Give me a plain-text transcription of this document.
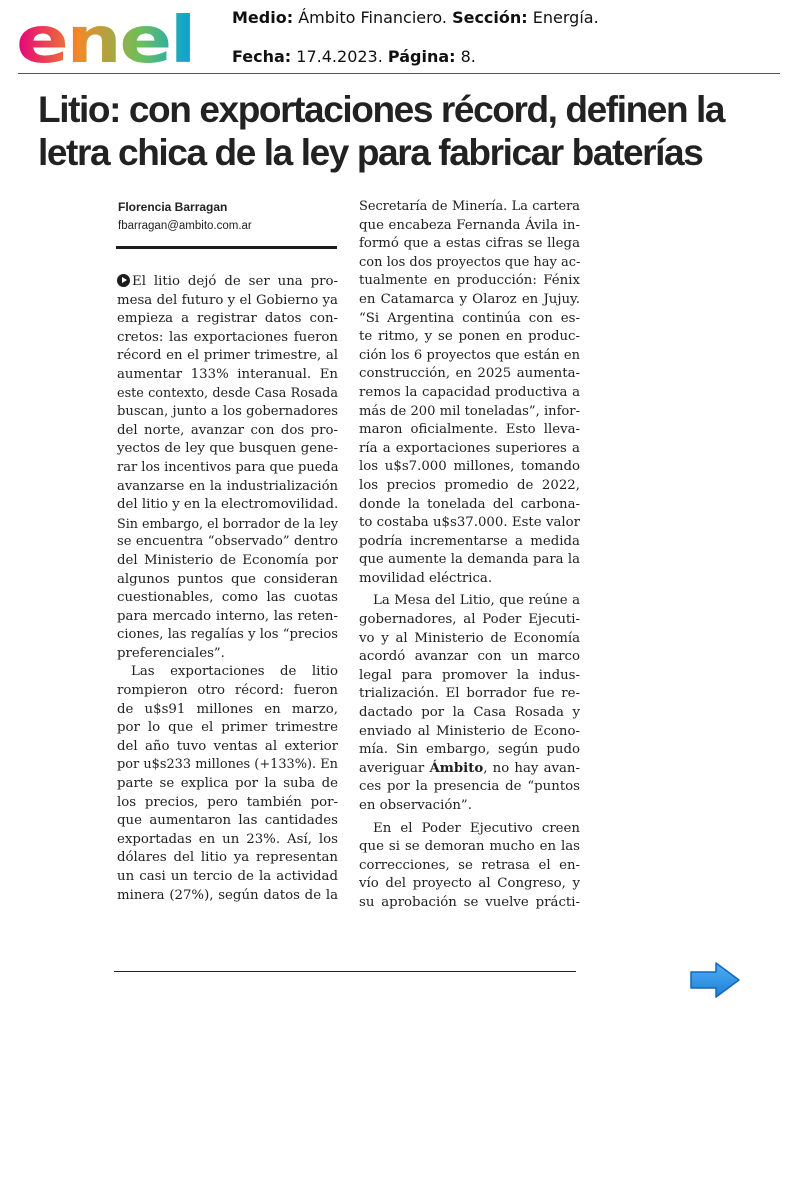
enel Medio: Ámbito Financiero. Sección: Energía.
Fecha: 17.4.2023. Página: 8.
Litio: con exportaciones récord, definen la
letra chica de la ley para fabricar baterías
Florencia Barragan
fbarragan@ambito.com.ar

El litio dejó de ser una pro-

mesa del futuro y el Gobierno ya

empieza a registrar datos con-

cretos: las exportaciones fueron

récord en el primer trimestre, al

aumentar 133% interanual. En

este contexto, desde Casa Rosada

buscan, junto a los gobernadores

del norte, avanzar con dos pro-

yectos de ley que busquen gene-

rar los incentivos para que pueda

avanzarse en la industrialización

del litio y en la electromovilidad.

Sin embargo, el borrador de la ley

se encuentra “observado” dentro

del Ministerio de Economía por

algunos puntos que consideran

cuestionables, como las cuotas

para mercado interno, las reten-

ciones, las regalías y los “precios

preferenciales”.

Las exportaciones de litio

rompieron otro récord: fueron

de u$s91 millones en marzo,

por lo que el primer trimestre

del año tuvo ventas al exterior

por u$s233 millones (+133%). En

parte se explica por la suba de

los precios, pero también por-

que aumentaron las cantidades

exportadas en un 23%. Así, los

dólares del litio ya representan

un casi un tercio de la actividad

minera (27%), según datos de la

Secretaría de Minería. La cartera

que encabeza Fernanda Ávila in-

formó que a estas cifras se llega

con los dos proyectos que hay ac-

tualmente en producción: Fénix

en Catamarca y Olaroz en Jujuy.

“Si Argentina continúa con es-

te ritmo, y se ponen en produc-

ción los 6 proyectos que están en

construcción, en 2025 aumenta-

remos la capacidad productiva a

más de 200 mil toneladas”, infor-

maron oficialmente. Esto lleva-

ría a exportaciones superiores a

los u$s7.000 millones, tomando

los precios promedio de 2022,

donde la tonelada del carbona-

to costaba u$s37.000. Este valor

podría incrementarse a medida

que aumente la demanda para la

movilidad eléctrica.

La Mesa del Litio, que reúne a

gobernadores, al Poder Ejecuti-

vo y al Ministerio de Economía

acordó avanzar con un marco

legal para promover la indus-

trialización. El borrador fue re-

dactado por la Casa Rosada y

enviado al Ministerio de Econo-

mía. Sin embargo, según pudo

averiguar Ámbito, no hay avan-

ces por la presencia de “puntos

en observación”.

En el Poder Ejecutivo creen

que si se demoran mucho en las

correcciones, se retrasa el en-

vío del proyecto al Congreso, y

su aprobación se vuelve prácti-
